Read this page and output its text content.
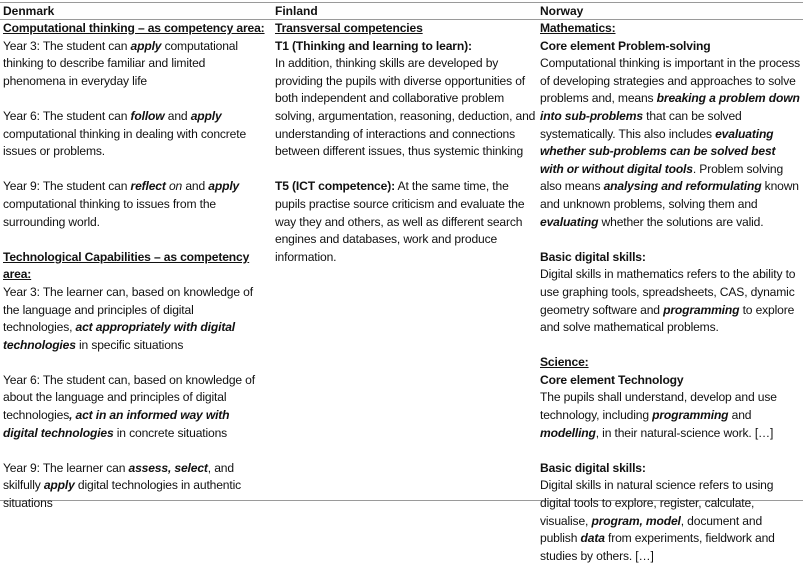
Denmark	Finland	Norway

Computational thinking – as competency area:

Year 3: The student can apply computational thinking to describe familiar and limited phenomena in everyday life

Year 6: The student can follow and apply computational thinking in dealing with concrete issues or problems.

Year 9: The student can reflect on and apply computational thinking to issues from the surrounding world.

Technological Capabilities – as competency area:

Year 3: The learner can, based on knowledge of the language and principles of digital technologies, act appropriately with digital technologies in specific situations

Year 6: The student can, based on knowledge of about the language and principles of digital technologies, act in an informed way with digital technologies in concrete situations

Year 9: The learner can assess, select, and skilfully apply digital technologies in authentic situations

Transversal competencies

T1 (Thinking and learning to learn):

In addition, thinking skills are developed by providing the pupils with diverse opportunities of both independent and collaborative problem solving, argumentation, reasoning, deduction, and understanding of interactions and connections between different issues, thus systemic thinking

T5 (ICT competence): At the same time, the pupils practise source criticism and evaluate the way they and others, as well as different search engines and databases, work and produce information.

Mathematics:

Core element Problem-solving

Computational thinking is important in the process of developing strategies and approaches to solve problems and, means breaking a problem down into sub-problems that can be solved systematically. This also includes evaluating whether sub-problems can be solved best with or without digital tools. Problem solving also means analysing and reformulating known and unknown problems, solving them and evaluating whether the solutions are valid.

Basic digital skills:

Digital skills in mathematics refers to the ability to use graphing tools, spreadsheets, CAS, dynamic geometry software and programming to explore and solve mathematical problems.

Science:

Core element Technology

The pupils shall understand, develop and use technology, including programming and modelling, in their natural-science work. […]

Basic digital skills:

Digital skills in natural science refers to using digital tools to explore, register, calculate, visualise, program, model, document and publish data from experiments, fieldwork and studies by others. […]
